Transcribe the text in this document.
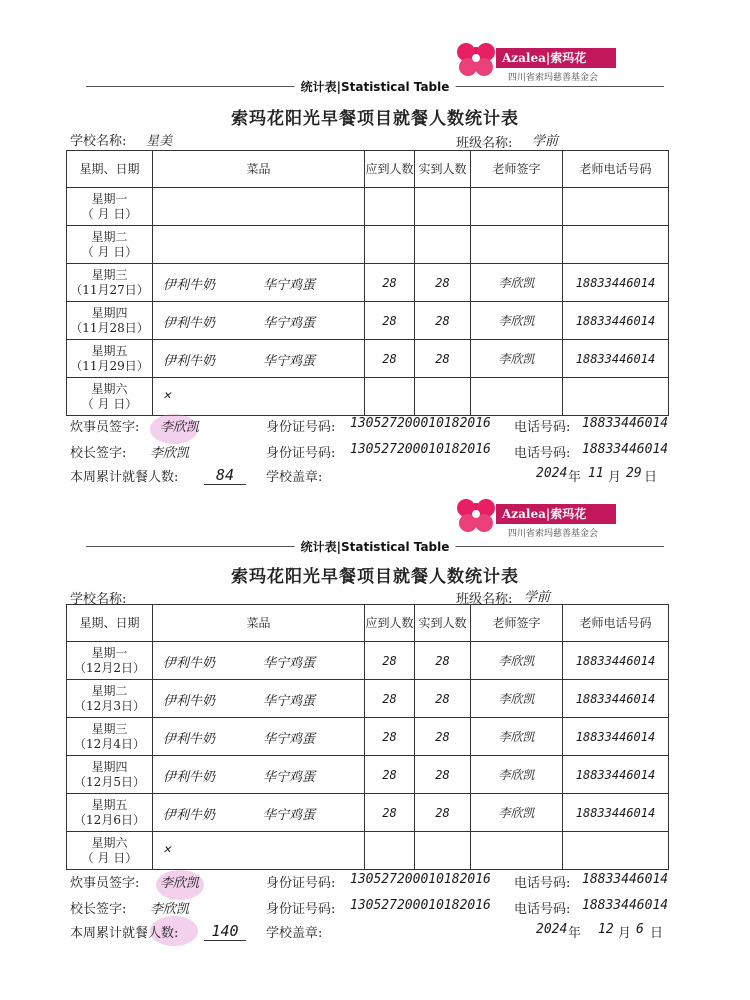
Azalea|索玛花
四川省索玛慈善基金会
统计表|Statistical Table
索玛花阳光早餐项目就餐人数统计表
学校名称: 星美	班级名称: 学前
星期、日期	菜品	应到人数	实到人数	老师签字	老师电话号码

星期一
（ 月 日）					

星期二
（ 月 日）					

星期三
（11月27日）	伊利牛奶 华宁鸡蛋	28	28	李欣凯	18833446014

星期四
（11月28日）	伊利牛奶 华宁鸡蛋	28	28	李欣凯	18833446014

星期五
（11月29日）	伊利牛奶 华宁鸡蛋	28	28	李欣凯	18833446014

星期六
（ 月 日）	✕				

炊事员签字: 李欣凯	身份证号码: 130527200010182016 电话号码: 18833446014
校长签字: 李欣凯	身份证号码: 130527200010182016 电话号码: 18833446014
本周累计就餐人数:	84	学校盖章:	2024 年 11 月 29 日
Azalea|索玛花
四川省索玛慈善基金会
统计表|Statistical Table
索玛花阳光早餐项目就餐人数统计表
学校名称:	班级名称: 学前
星期、日期	菜品	应到人数	实到人数	老师签字	老师电话号码

星期一
（12月2日）	伊利牛奶 华宁鸡蛋	28	28	李欣凯	18833446014

星期二
（12月3日）	伊利牛奶 华宁鸡蛋	28	28	李欣凯	18833446014

星期三
（12月4日）	伊利牛奶 华宁鸡蛋	28	28	李欣凯	18833446014

星期四
（12月5日）	伊利牛奶 华宁鸡蛋	28	28	李欣凯	18833446014

星期五
（12月6日）	伊利牛奶 华宁鸡蛋	28	28	李欣凯	18833446014

星期六
（ 月 日）	✕				

炊事员签字: 李欣凯	身份证号码: 130527200010182016 电话号码: 18833446014
校长签字: 李欣凯	身份证号码: 130527200010182016 电话号码: 18833446014
本周累计就餐人数:	140	学校盖章:	2024 年 12 月 6 日
